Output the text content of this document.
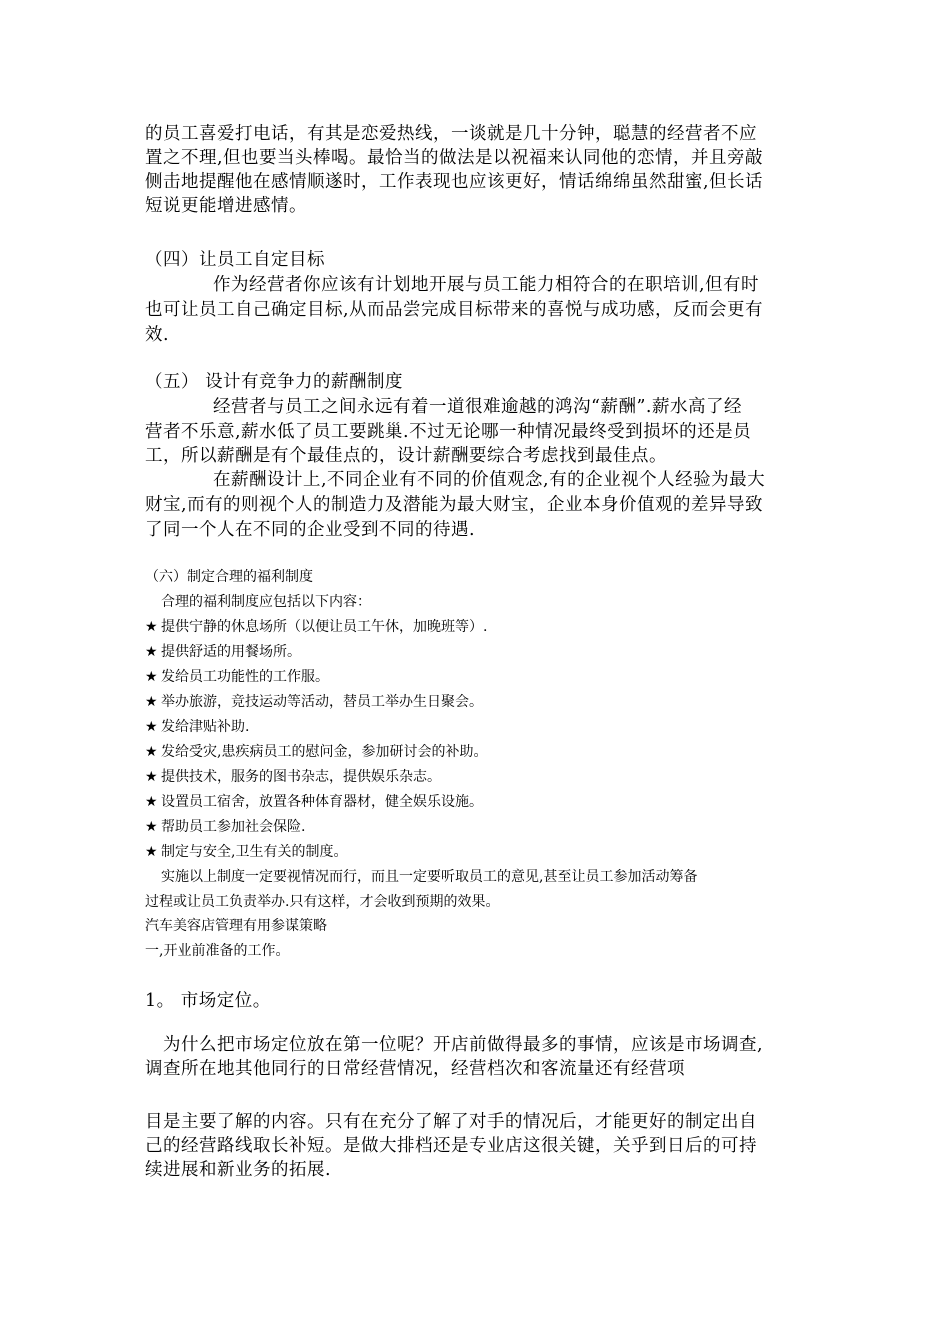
的员工喜爱打电话，有其是恋爱热线，一谈就是几十分钟，聪慧的经营者不应

置之不理,但也要当头棒喝。最恰当的做法是以祝福来认同他的恋情，并且旁敲

侧击地提醒他在感情顺遂时，工作表现也应该更好，情话绵绵虽然甜蜜,但长话

短说更能增进感情。

（四）让员工自定目标

作为经营者你应该有计划地开展与员工能力相符合的在职培训,但有时

也可让员工自己确定目标,从而品尝完成目标带来的喜悦与成功感，反而会更有

效.

（五） 设计有竞争力的薪酬制度

经营者与员工之间永远有着一道很难逾越的鸿沟“薪酬”.薪水高了经

营者不乐意,薪水低了员工要跳巢.不过无论哪一种情况最终受到损坏的还是员

工，所以薪酬是有个最佳点的，设计薪酬要综合考虑找到最佳点。

在薪酬设计上,不同企业有不同的价值观念,有的企业视个人经验为最大

财宝,而有的则视个人的制造力及潜能为最大财宝，企业本身价值观的差异导致

了同一个人在不同的企业受到不同的待遇.

（六）制定合理的福利制度

合理的福利制度应包括以下内容：

★ 提供宁静的休息场所（以便让员工午休，加晚班等）.

★ 提供舒适的用餐场所。

★ 发给员工功能性的工作服。

★ 举办旅游，竞技运动等活动，替员工举办生日聚会。

★ 发给津贴补助.

★ 发给受灾,患疾病员工的慰问金，参加研讨会的补助。

★ 提供技术，服务的图书杂志，提供娱乐杂志。

★ 设置员工宿舍，放置各种体育器材，健全娱乐设施。

★ 帮助员工参加社会保险.

★ 制定与安全,卫生有关的制度。

实施以上制度一定要视情况而行，而且一定要听取员工的意见,甚至让员工参加活动筹备

过程或让员工负责举办.只有这样，才会收到预期的效果。

汽车美容店管理有用参谋策略

一,开业前准备的工作。

1。 市场定位。

为什么把市场定位放在第一位呢？开店前做得最多的事情，应该是市场调查,

调查所在地其他同行的日常经营情况，经营档次和客流量还有经营项

目是主要了解的内容。只有在充分了解了对手的情况后，才能更好的制定出自

己的经营路线取长补短。是做大排档还是专业店这很关键，关乎到日后的可持

续进展和新业务的拓展.
